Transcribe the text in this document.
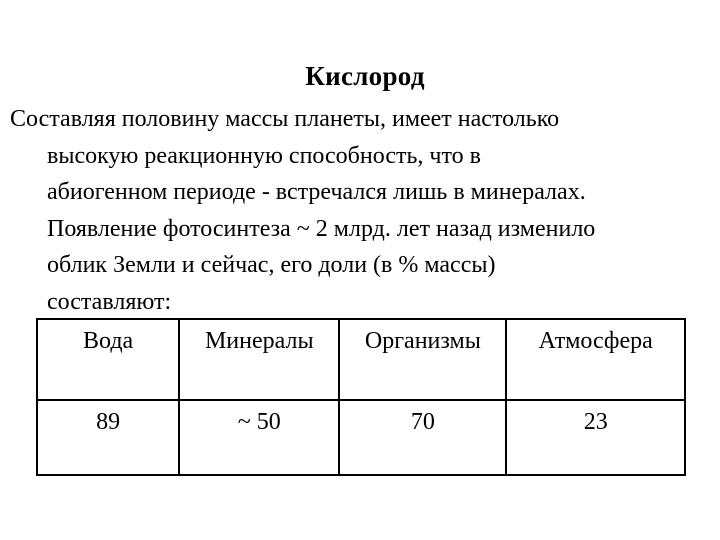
Кислород

Составляя половину массы планеты, имеет настолько
высокую реакционную способность, что в
абиогенном периоде - встречался лишь в минералах.
Появление фотосинтеза ~ 2 млрд. лет назад изменило
облик Земли и сейчас, его доли (в % массы)
составляют:

Вода	Минералы	Организмы	Атмосфера
89	~ 50	70	23
